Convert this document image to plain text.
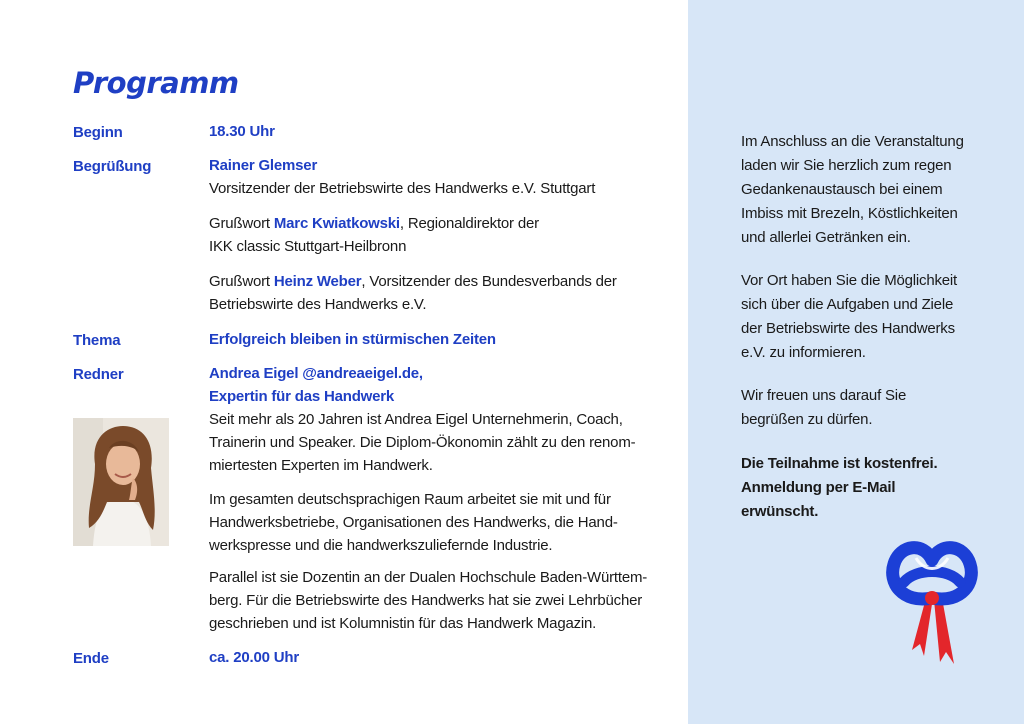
Programm
Beginn	18.30 Uhr
Begrüßung	Rainer Glemser
Vorsitzender der Betriebswirte des Handwerks e.V. Stuttgart
Grußwort Marc Kwiatkowski, Regionaldirektor der
IKK classic Stuttgart-Heilbronn
Grußwort Heinz Weber, Vorsitzender des Bundesverbands der
Betriebswirte des Handwerks e.V.
Thema	Erfolgreich bleiben in stürmischen Zeiten
Redner	Andrea Eigel @andreaeigel.de,
Expertin für das Handwerk
Seit mehr als 20 Jahren ist Andrea Eigel Unternehmerin, Coach,
Trainerin und Speaker. Die Diplom-Ökonomin zählt zu den renom-
miertesten Experten im Handwerk.
Im gesamten deutschsprachigen Raum arbeitet sie mit und für
Handwerksbetriebe, Organisationen des Handwerks, die Hand-
werkspresse und die handwerkszuliefernde Industrie.
Parallel ist sie Dozentin an der Dualen Hochschule Baden-Württem-
berg. Für die Betriebswirte des Handwerks hat sie zwei Lehrbücher
geschrieben und ist Kolumnistin für das Handwerk Magazin.
Ende	ca. 20.00 Uhr
Im Anschluss an die Veranstaltung
laden wir Sie herzlich zum regen
Gedankenaustausch bei einem
Imbiss mit Brezeln, Köstlichkeiten
und allerlei Getränken ein.
Vor Ort haben Sie die Möglichkeit
sich über die Aufgaben und Ziele
der Betriebswirte des Handwerks
e.V. zu informieren.
Wir freuen uns darauf Sie
begrüßen zu dürfen.
Die Teilnahme ist kostenfrei.
Anmeldung per E-Mail
erwünscht.
